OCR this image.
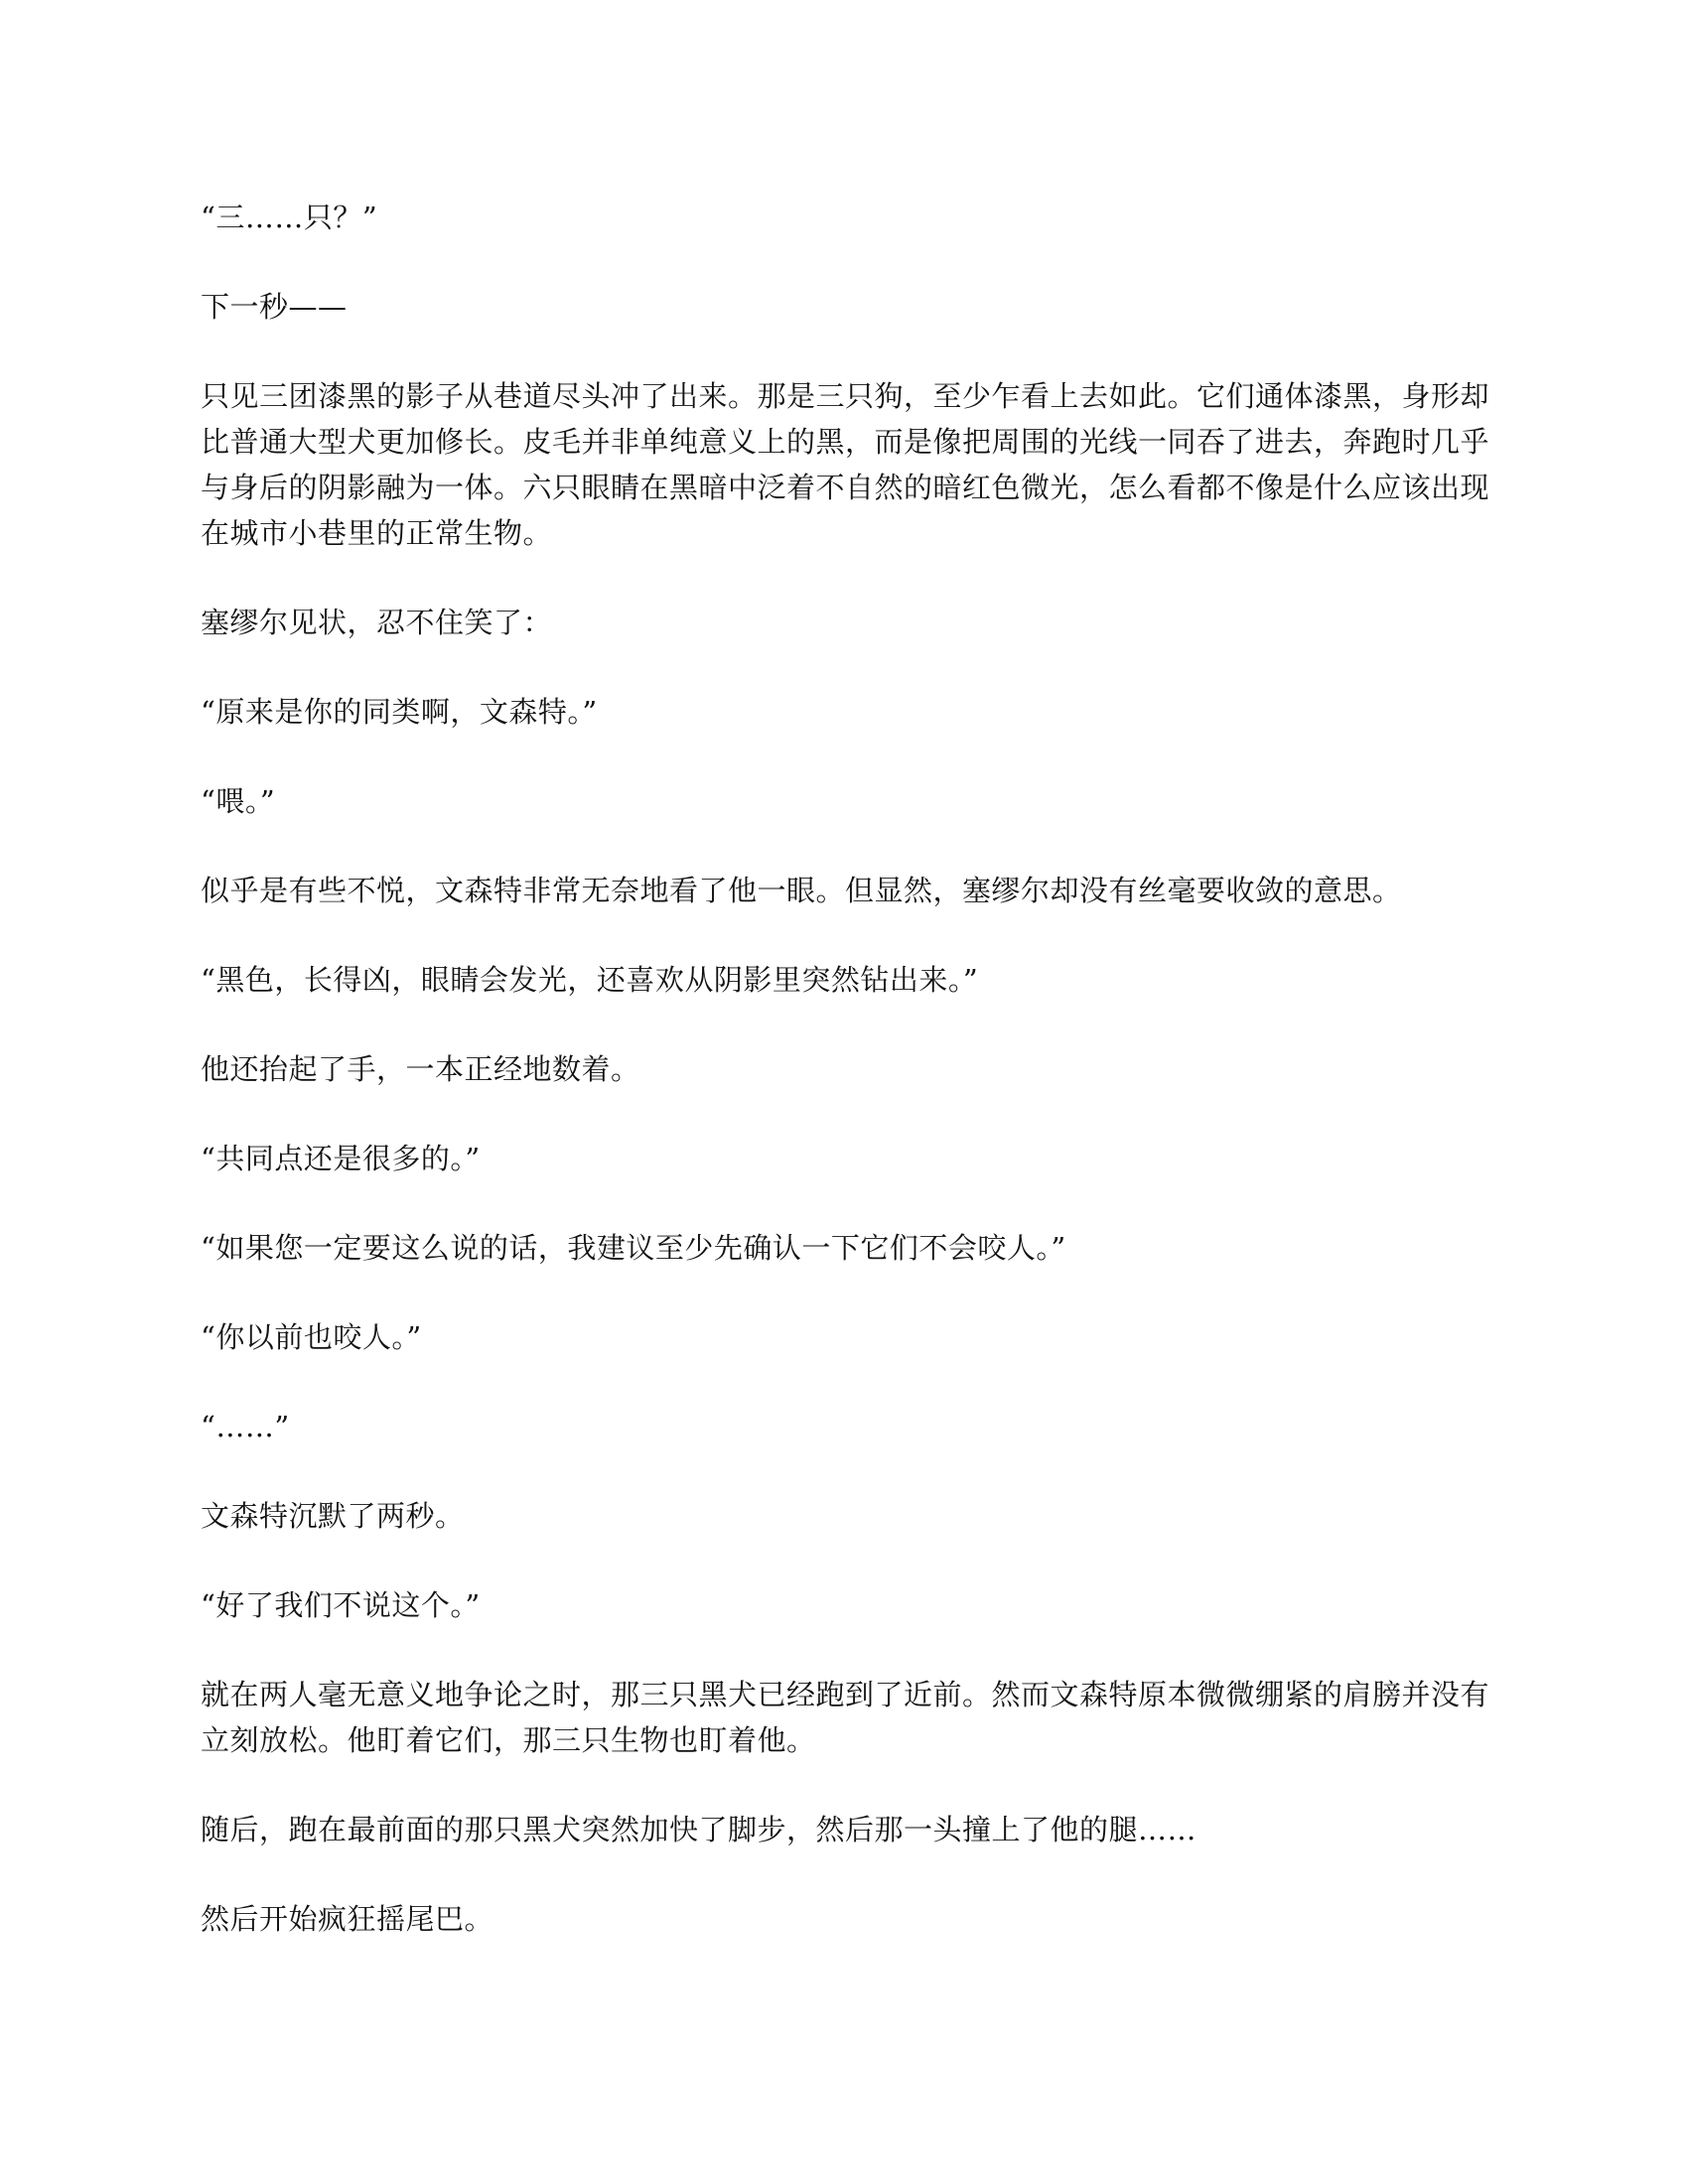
“三……只？”

下一秒——

只见三团漆黑的影子从巷道尽头冲了出来。那是三只狗，至少乍看上去如此。它们通体漆黑，身形却比普通大型犬更加修长。皮毛并非单纯意义上的黑，而是像把周围的光线一同吞了进去，奔跑时几乎与身后的阴影融为一体。六只眼睛在黑暗中泛着不自然的暗红色微光，怎么看都不像是什么应该出现在城市小巷里的正常生物。

塞缪尔见状，忍不住笑了：

“原来是你的同类啊，文森特。”

“喂。”

似乎是有些不悦，文森特非常无奈地看了他一眼。但显然，塞缪尔却没有丝毫要收敛的意思。

“黑色，长得凶，眼睛会发光，还喜欢从阴影里突然钻出来。”

他还抬起了手，一本正经地数着。

“共同点还是很多的。”

“如果您一定要这么说的话，我建议至少先确认一下它们不会咬人。”

“你以前也咬人。”

“……”

文森特沉默了两秒。

“好了我们不说这个。”

就在两人毫无意义地争论之时，那三只黑犬已经跑到了近前。然而文森特原本微微绷紧的肩膀并没有立刻放松。他盯着它们，那三只生物也盯着他。

随后，跑在最前面的那只黑犬突然加快了脚步，然后那一头撞上了他的腿……

然后开始疯狂摇尾巴。
